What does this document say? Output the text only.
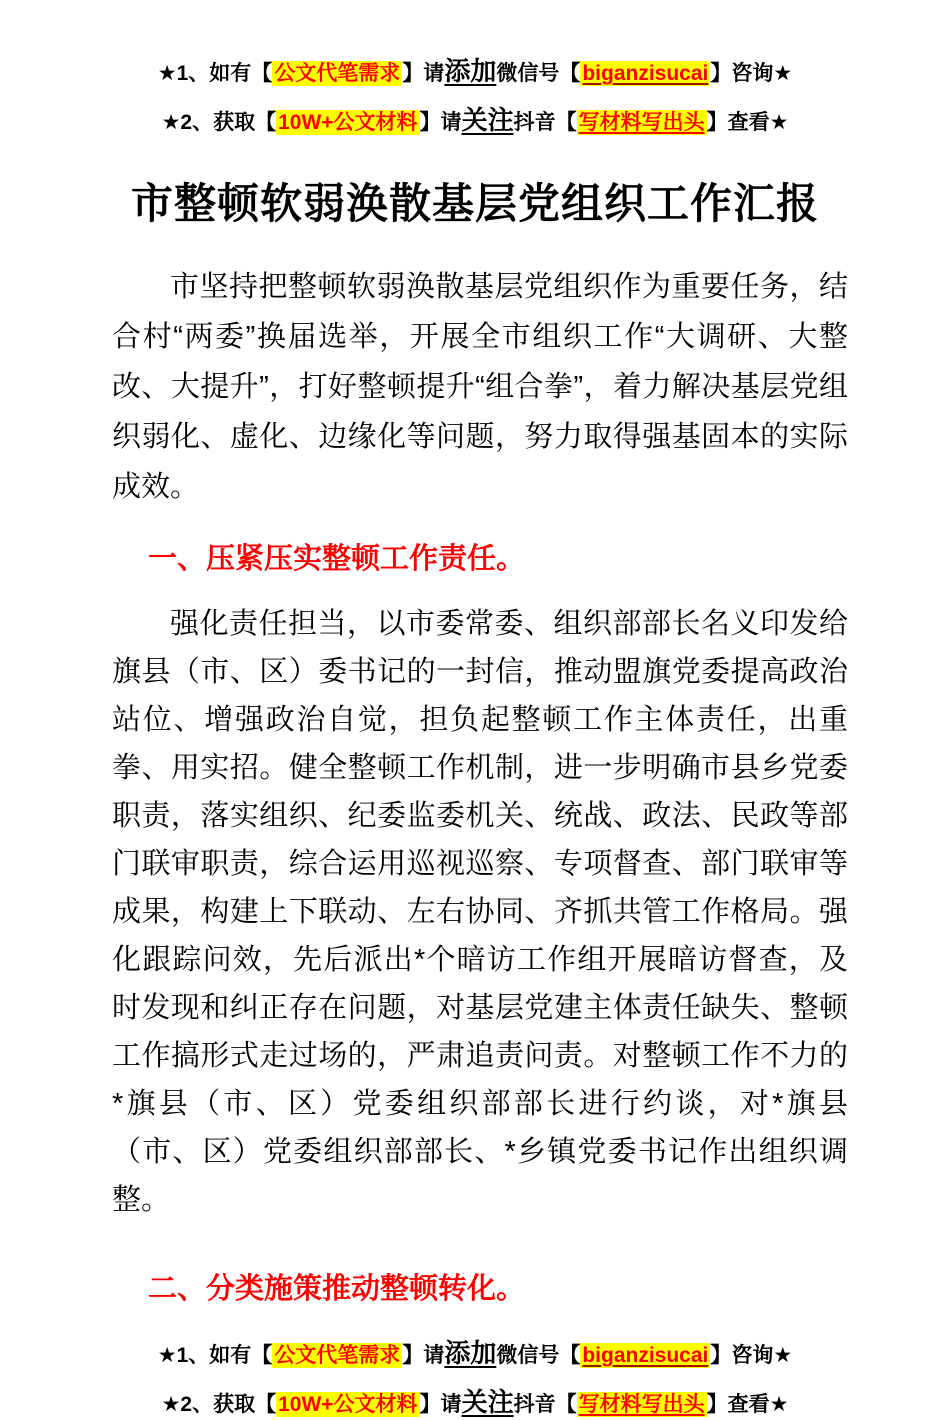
★1、如有【公文代笔需求】请添加微信号【biganzisucai】咨询★
★2、获取【10W+公文材料】请关注抖音【写材料写出头】查看★
市整顿软弱涣散基层党组织工作汇报

市坚持把整顿软弱涣散基层党组织作为重要任务，结合村“两委”换届选举，开展全市组织工作“大调研、大整改、大提升”，打好整顿提升“组合拳”，着力解决基层党组织弱化、虚化、边缘化等问题，努力取得强基固本的实际成效。

一、压紧压实整顿工作责任。

强化责任担当，以市委常委、组织部部长名义印发给旗县（市、区）委书记的一封信，推动盟旗党委提高政治站位、增强政治自觉，担负起整顿工作主体责任，出重拳、用实招。健全整顿工作机制，进一步明确市县乡党委职责，落实组织、纪委监委机关、统战、政法、民政等部门联审职责，综合运用巡视巡察、专项督查、部门联审等成果，构建上下联动、左右协同、齐抓共管工作格局。强化跟踪问效，先后派出*个暗访工作组开展暗访督查，及时发现和纠正存在问题，对基层党建主体责任缺失、整顿工作搞形式走过场的，严肃追责问责。对整顿工作不力的*旗县（市、区）党委组织部部长进行约谈，对*旗县（市、区）党委组织部部长、*乡镇党委书记作出组织调整。

二、分类施策推动整顿转化。

★1、如有【公文代笔需求】请添加微信号【biganzisucai】咨询★
★2、获取【10W+公文材料】请关注抖音【写材料写出头】查看★
